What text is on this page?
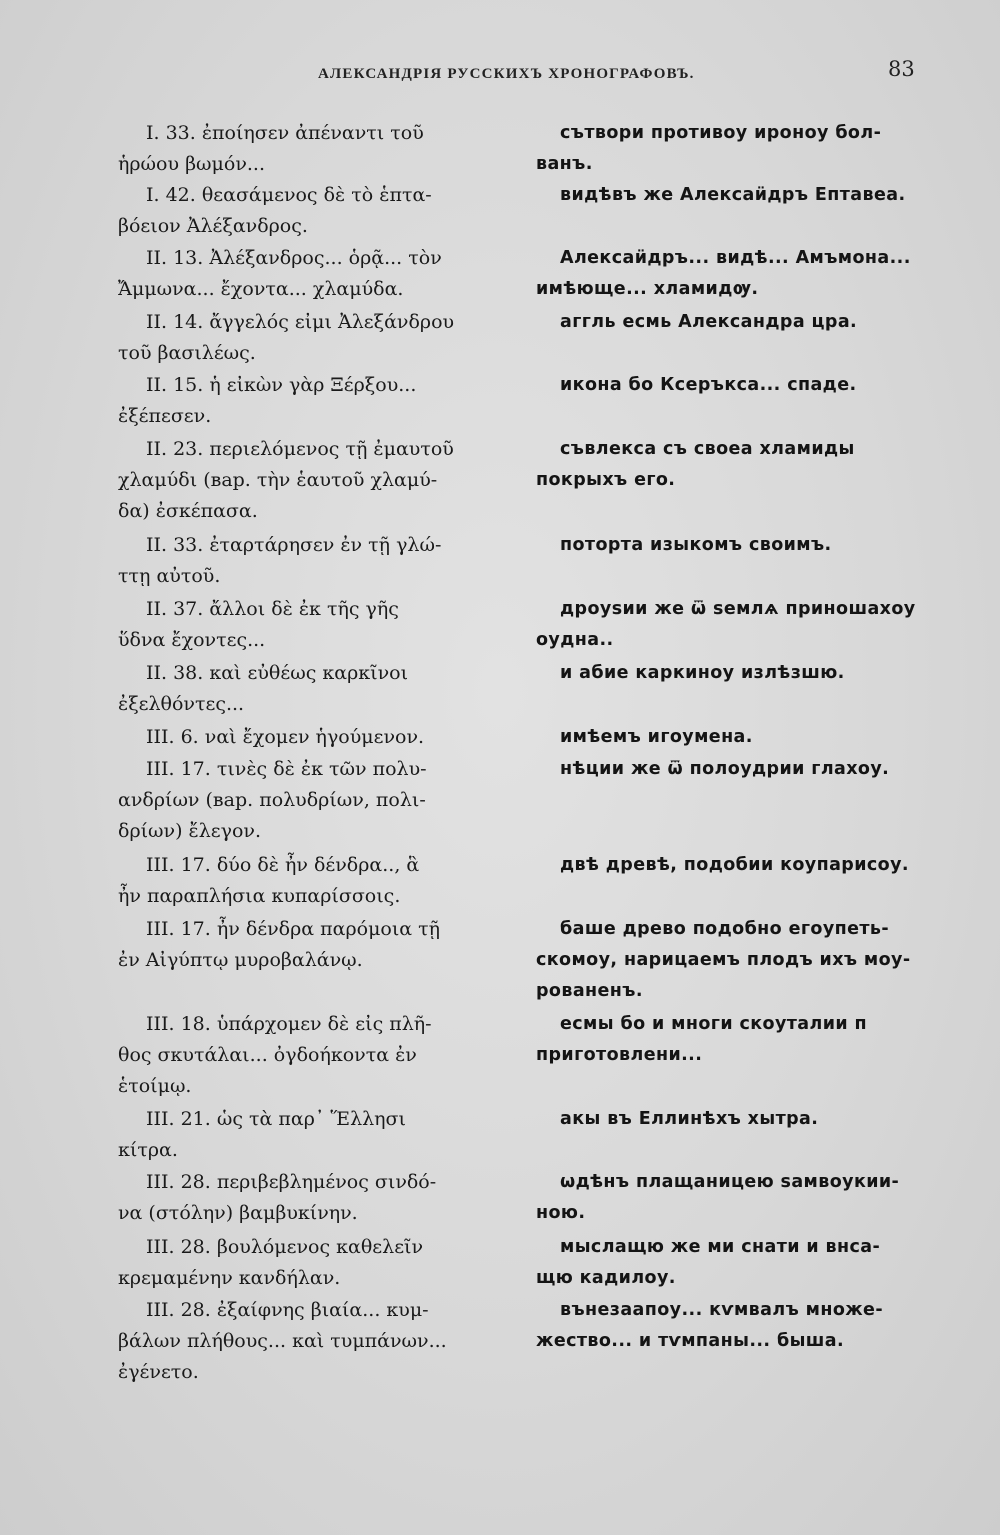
АЛЕКСАНДРІЯ РУССКИХЪ ХРОНОГРАФОВЪ.	83
I. 33. ἐποίησεν ἀπέναντι τοῦ
ἡρώου βωμόν...
сътвори противоу ироноу бол-
ванъ.
I. 42. θεασάμενος δὲ τὸ ἑπτα-
βόειον Ἀλέξανδρος.
видѣвъ же Алексаӥдръ Ептавеа.
II. 13. Ἀλέξανδρος... ὁρᾷ... τὸν
Ἄμμωνα... ἔχοντα... χλαμύδα.
Алексаӥдръ... видѣ... Амъмона...
имѣюще... хламидѹ.
II. 14. ἄγγελός εἰμι Ἀλεξάνδρου
τοῦ βασιλέως.
аггль есмь Александра цра.
II. 15. ἡ εἰκὼν γὰρ Ξέρξου...
ἐξέπεσεν.
икона бо Ксеръкса... спаде.
II. 23. περιελόμενος τῇ ἐμαυτοῦ
χλαμύδι (вар. τὴν ἑαυτοῦ χλαμύ-
δα) ἐσκέπασα.
съвлекса съ своеа хламиды
покрыхъ его.
II. 33. ἐταρτάρησεν ἐν τῇ γλώ-
ττῃ αὐτοῦ.
потортa изыкомъ своимъ.
II. 37. ἄλλοι δὲ ἐκ τῆς γῆς
ὕδνα ἔχοντες...
дроуѕии же ѿ ѕемлѧ приношахоу
оудна..
II. 38. καὶ εὐθέως καρκῖνοι
ἐξελθόντες...
и абие каркиноу излѣзшю.
III. 6. ναὶ ἔχομεν ἡγούμενον.	имѣемъ игоумена.
III. 17. τινὲς δὲ ἐκ τῶν πολυ-
ανδρίων (вар. πολυδρίων, πολι-
δρίων) ἔλεγον.
нѣции же ѿ полоудрии глахоу.
III. 17. δύο δὲ ἦν δένδρα.., ἃ
ἦν παραπλήσια κυπαρίσσοις.
двѣ древѣ, подобии коупарисоу.
III. 17. ἦν δένδρα παρόμοια τῇ
ἐν Αἰγύπτῳ μυροβαλάνῳ.
баше древо подобно егоупеть-
скомоу, нарицаемъ плодъ ихъ моу-
рованенъ.
III. 18. ὑπάρχομεν δὲ εἰς πλῆ-
θος σκυτάλαι... ὀγδοήκοντα ἐν
ἑτοίμῳ.
есмы бо и многи скоуталии п
приготовлени...
III. 21. ὡς τὰ παρ᾿ Ἕλλησι
κίτρα.
акы въ Еллинѣхъ хытра.
III. 28. περιβεβλημένος σινδό-
να (στόλην) βαμβυκίνην.
ѡдѣнъ плащаницею ѕамвоукии-
ною.
III. 28. βουλόμενος καθελεῖν
κρεμαμένην κανδήλαν.
мыслащю же ми снати и внса-
щю кадилоу.
III. 28. ἐξαίφνης βιαία... κυμ-
βάλων πλήθους... καὶ τυμπάνων...
ἐγένετο.
вънезаапоу... кѵмвалъ множе-
жество... и тѵмпаны... быша.
